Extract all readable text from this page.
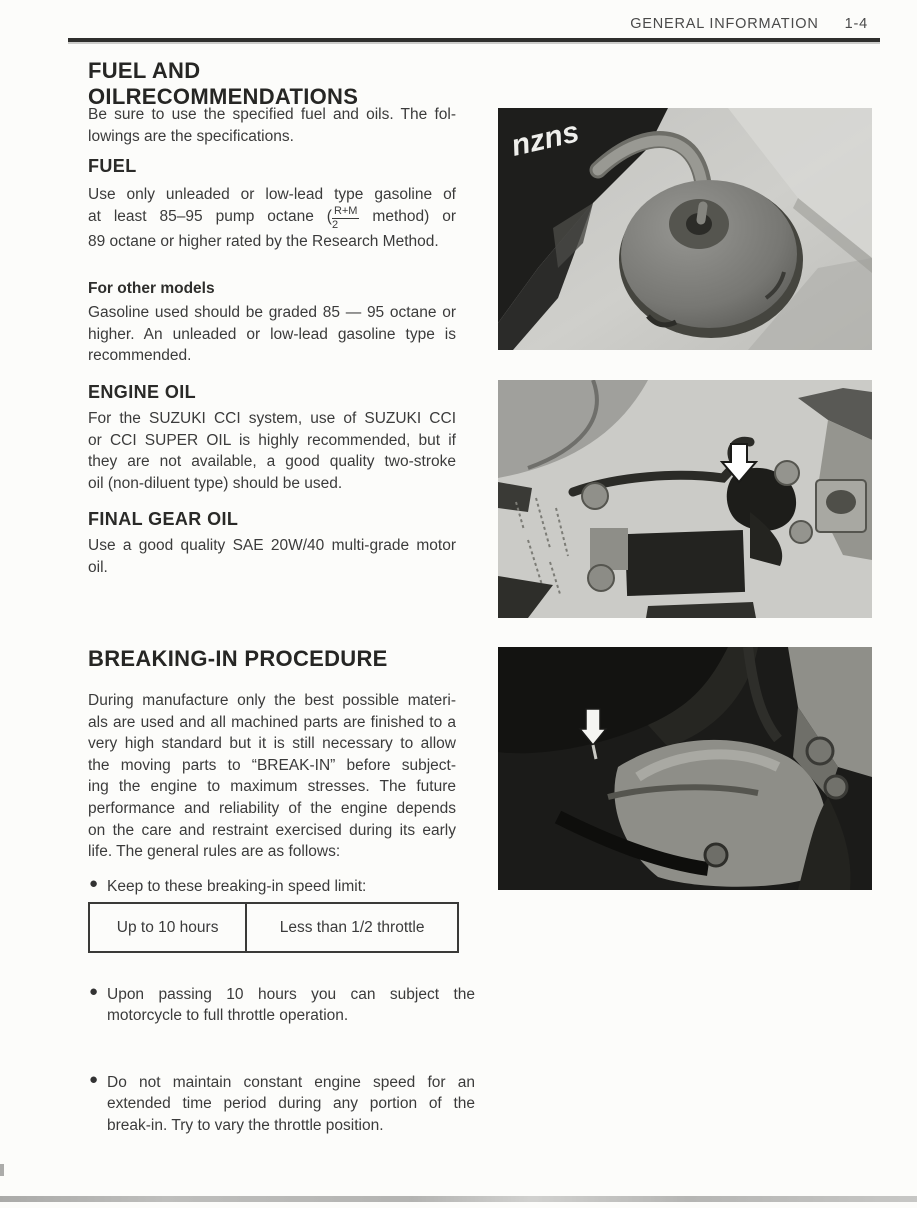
GENERAL INFORMATION 1-4
FUEL AND OILRECOMMENDATIONS
Be sure to use the specified fuel and oils. The fol-
lowings are the specifications.
FUEL
Use only unleaded or low-lead type gasoline of
at least 85–95 pump octane ( $\frac{R+M}{2}$ method) or
89 octane or higher rated by the Research Method.
For other models
Gasoline used should be graded 85 — 95 octane or
higher. An unleaded or low-lead gasoline type is
recommended.
ENGINE OIL
For the SUZUKI CCI system, use of SUZUKI CCI
or CCI SUPER OIL is highly recommended, but if
they are not available, a good quality two-stroke
oil (non-diluent type) should be used.
FINAL GEAR OIL
Use a good quality SAE 20W/40 multi-grade motor
oil.
BREAKING-IN PROCEDURE
During manufacture only the best possible materi-
als are used and all machined parts are finished to a
very high standard but it is still necessary to allow
the moving parts to “BREAK-IN” before subject-
ing the engine to maximum stresses. The future
performance and reliability of the engine depends
on the care and restraint exercised during its early
life. The general rules are as follows:
● Keep to these breaking-in speed limit:
Up to 10 hours	Less than 1/2 throttle
● Upon passing 10 hours you can subject the
motorcycle to full throttle operation.
● Do not maintain constant engine speed for an
extended time period during any portion of the
break-in. Try to vary the throttle position.
nzns
